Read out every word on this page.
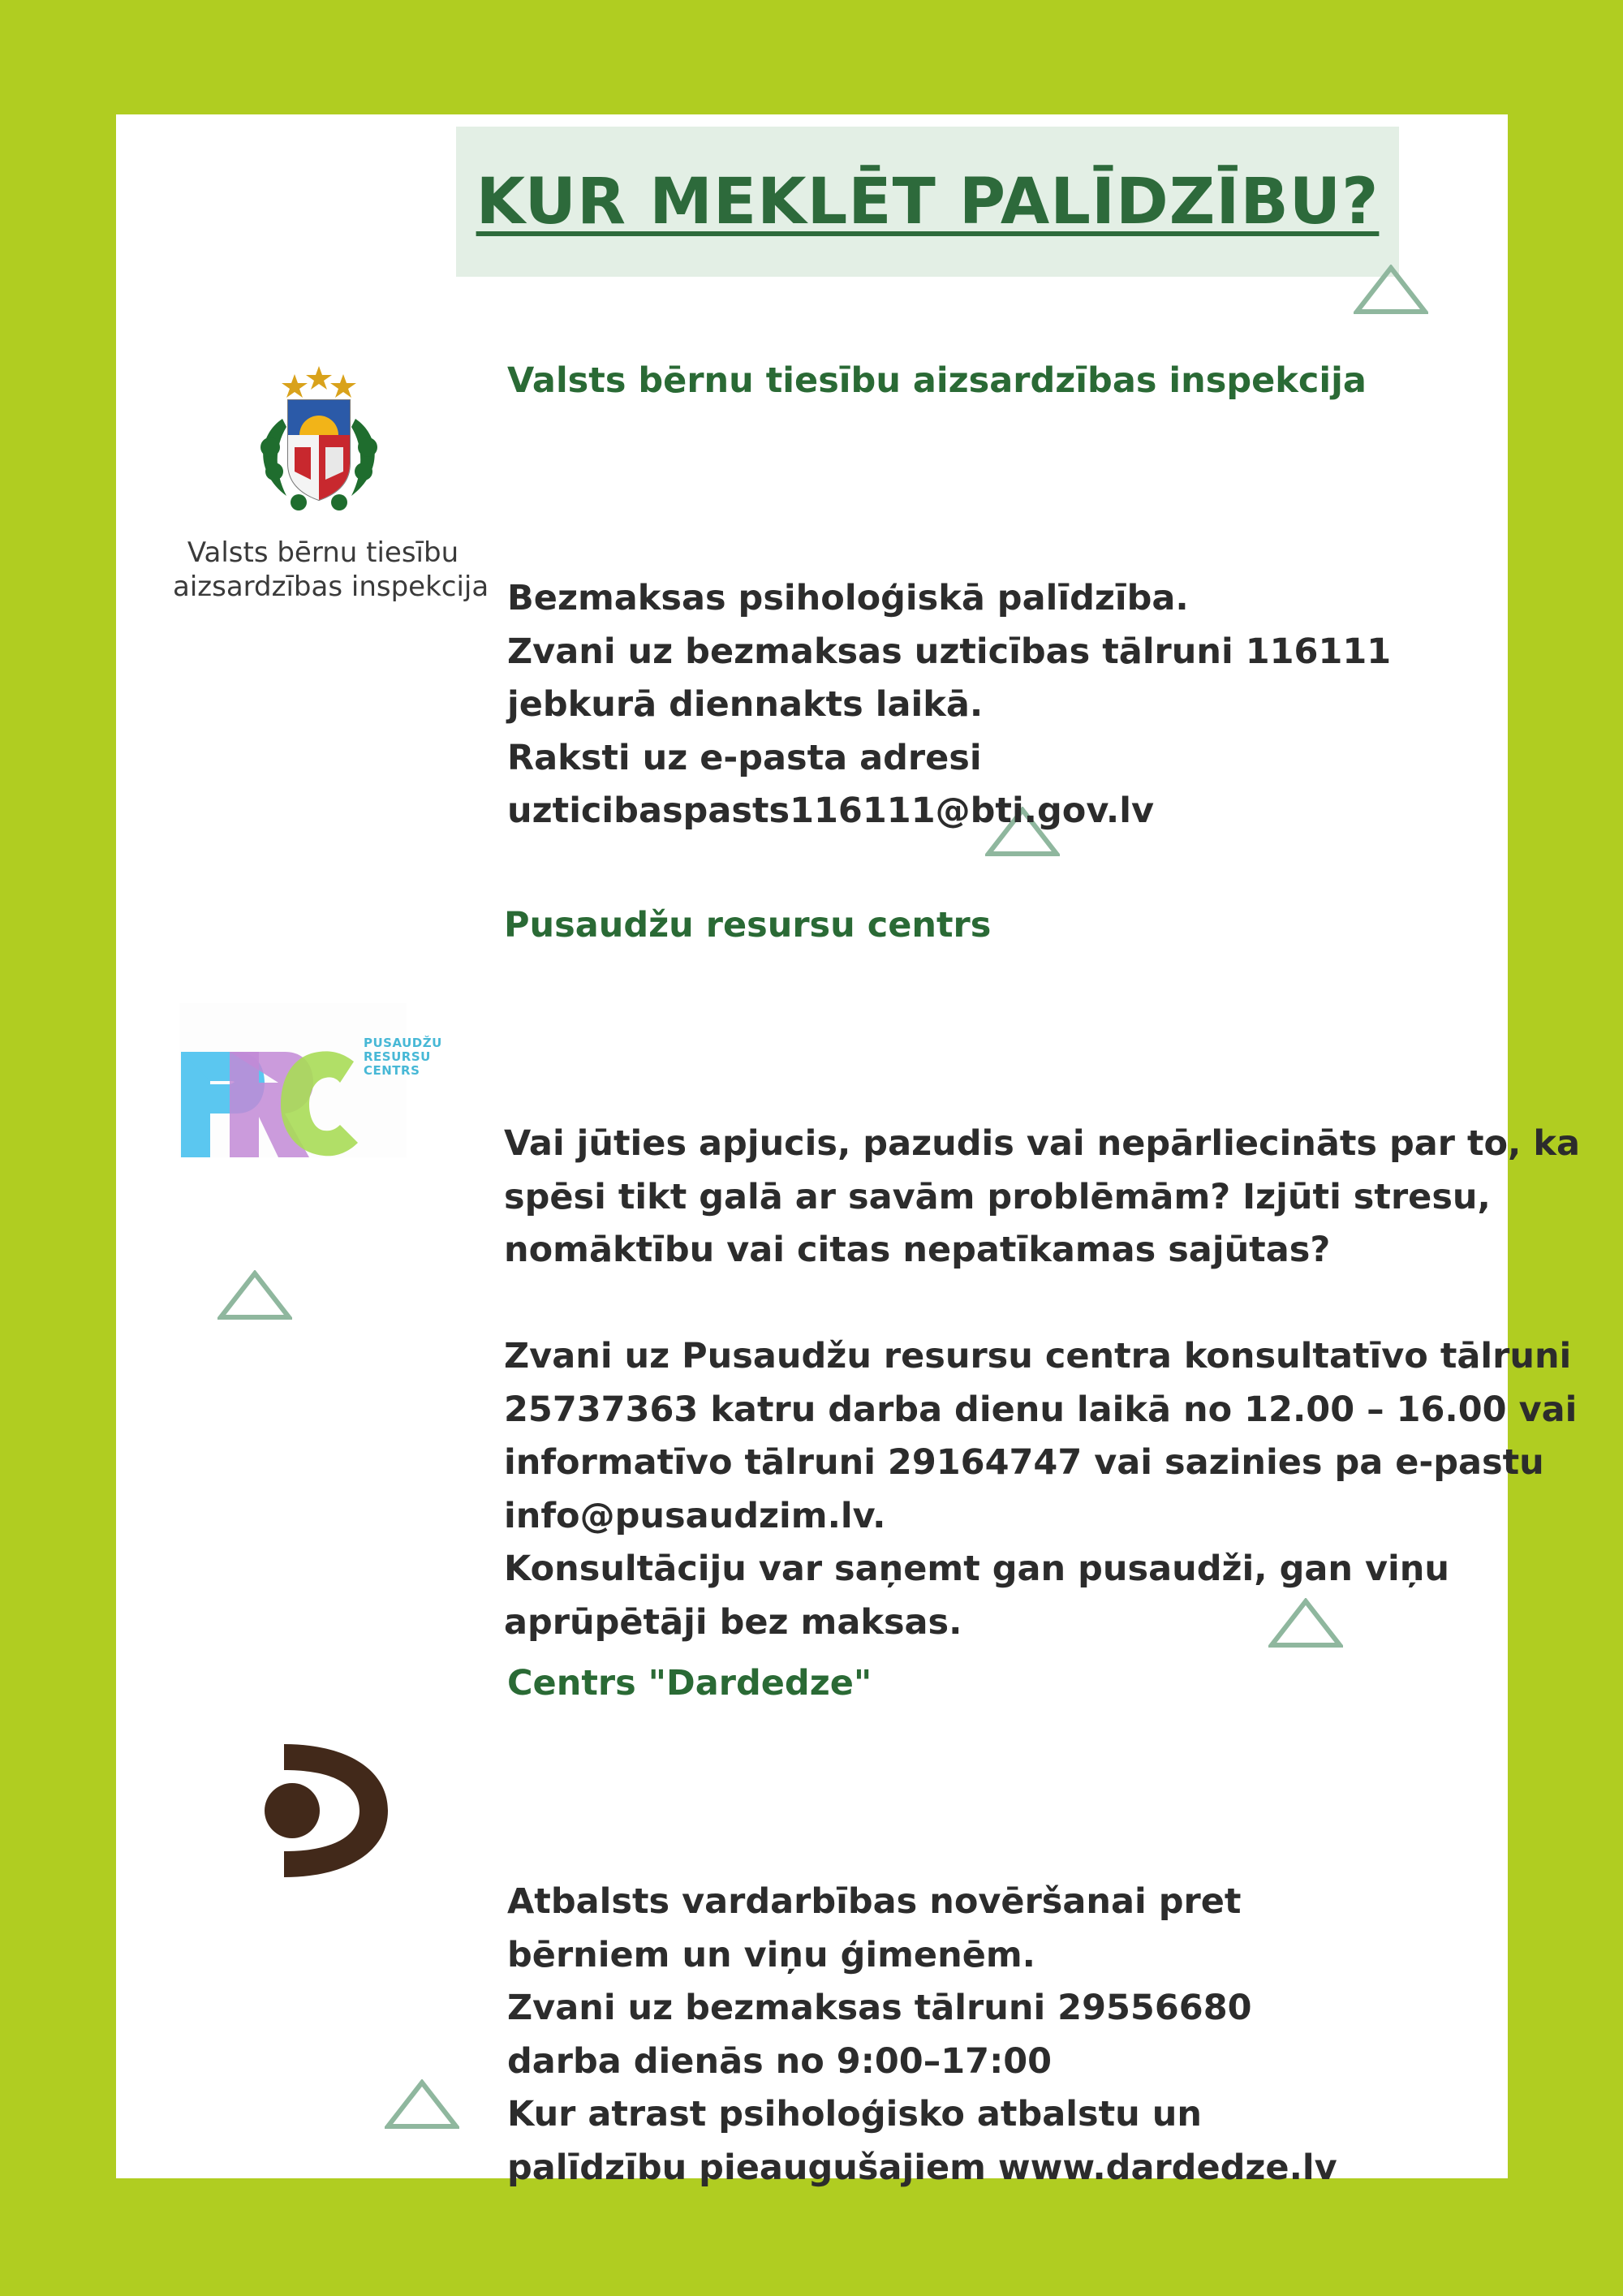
KUR MEKLĒT PALĪDZĪBU?
Valsts bērnu tiesību
aizsardzības inspekcija
Valsts bērnu tiesību aizsardzības inspekcija
Bezmaksas psiholoģiskā palīdzība.
Zvani uz bezmaksas uzticības tālruni 116111
jebkurā diennakts laikā.
Raksti uz e-pasta adresi
uzticibaspasts116111@bti.gov.lv
PUSAUDŽU
RESURSU
CENTRS
Pusaudžu resursu centrs
Vai jūties apjucis, pazudis vai nepārliecināts par to, ka
spēsi tikt galā ar savām problēmām? Izjūti stresu,
nomāktību vai citas nepatīkamas sajūtas?
Zvani uz Pusaudžu resursu centra konsultatīvo tālruni
25737363 katru darba dienu laikā no 12.00 – 16.00 vai
informatīvo tālruni 29164747 vai sazinies pa e-pastu
info@pusaudzim.lv.
Konsultāciju var saņemt gan pusaudži, gan viņu
aprūpētāji bez maksas.
Centrs "Dardedze"
Atbalsts vardarbības novēršanai pret
bērniem un viņu ģimenēm.
Zvani uz bezmaksas tālruni 29556680
darba dienās no 9:00–17:00
Kur atrast psiholoģisko atbalstu un
palīdzību pieaugušajiem www.dardedze.lv
